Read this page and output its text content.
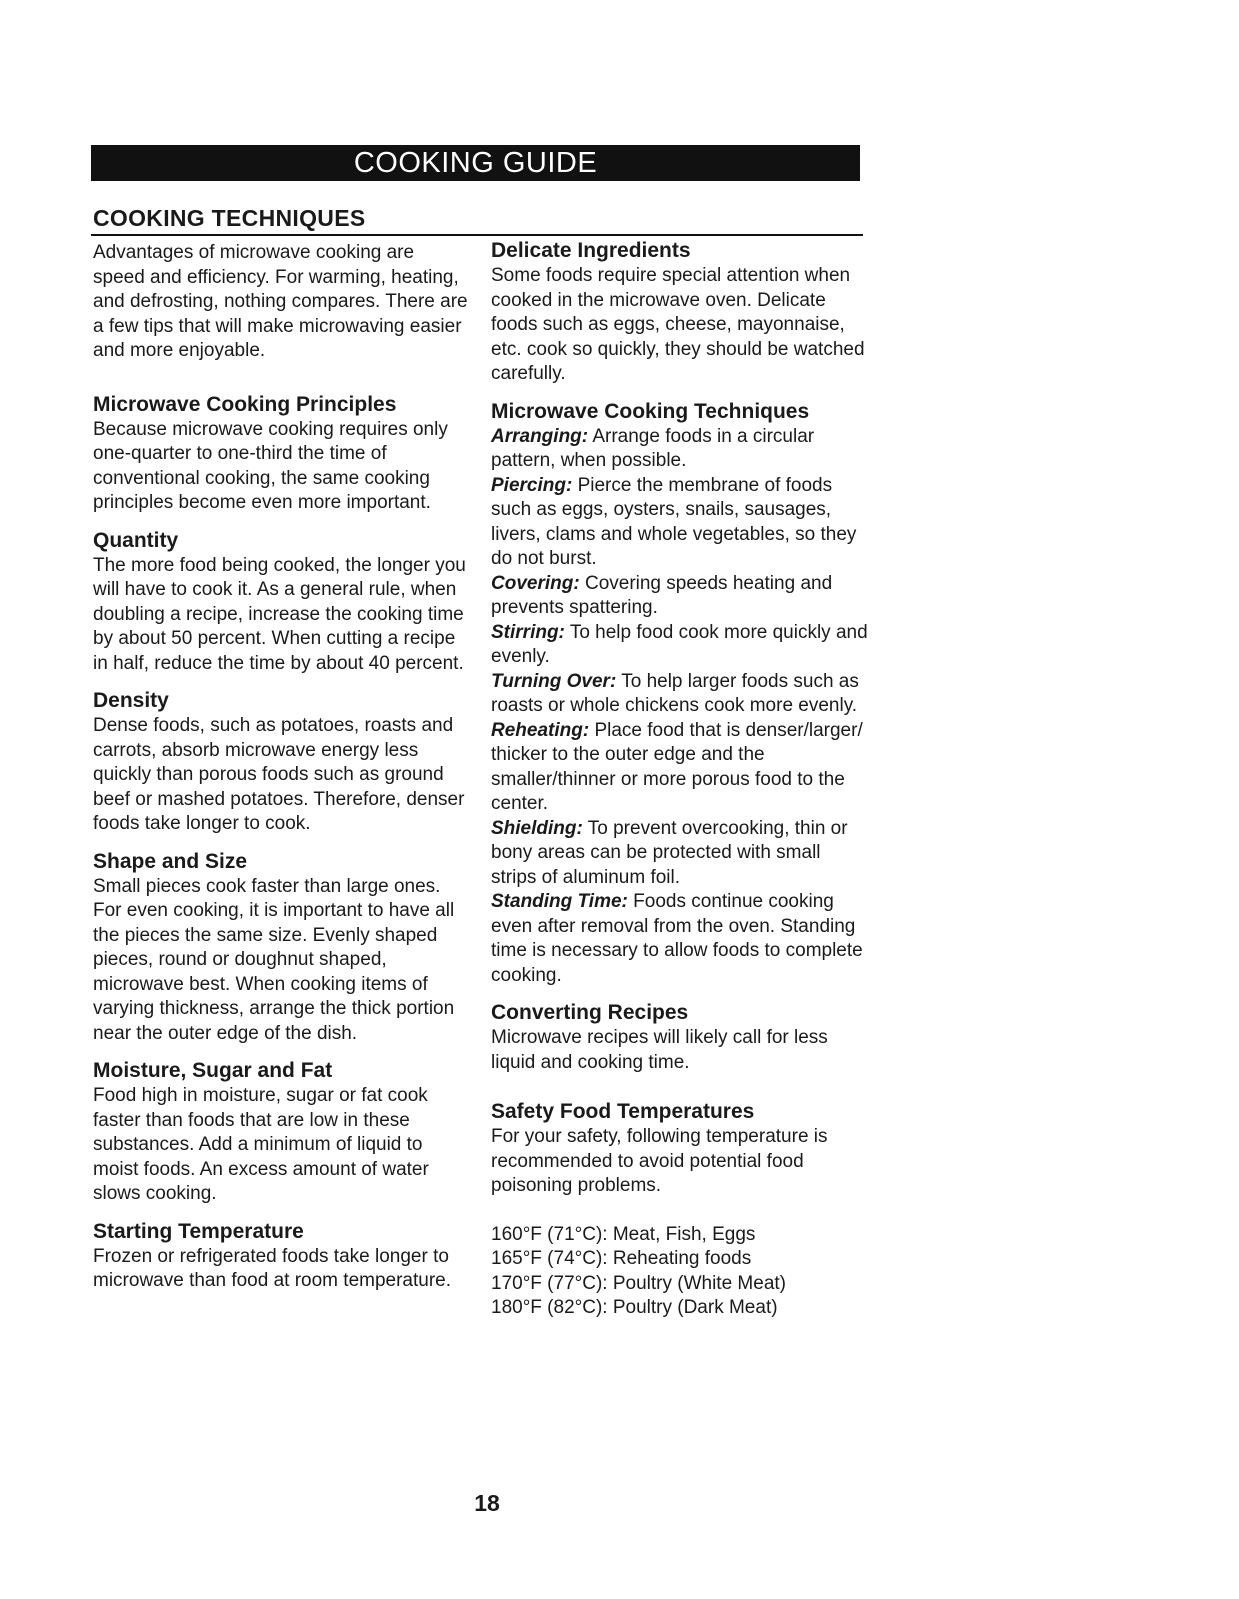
COOKING GUIDE
COOKING TECHNIQUES

Advantages of microwave cooking are speed and efficiency. For warming, heating, and defrosting, nothing compares. There are a few tips that will make microwaving easier and more enjoyable.

Microwave Cooking Principles

Because microwave cooking requires only one-quarter to one-third the time of conventional cooking, the same cooking principles become even more important.

Quantity

The more food being cooked, the longer you will have to cook it. As a general rule, when doubling a recipe, increase the cooking time by about 50 percent. When cutting a recipe in half, reduce the time by about 40 percent.

Density

Dense foods, such as potatoes, roasts and carrots, absorb microwave energy less quickly than porous foods such as ground beef or mashed potatoes. Therefore, denser foods take longer to cook.

Shape and Size

Small pieces cook faster than large ones. For even cooking, it is important to have all the pieces the same size. Evenly shaped pieces, round or doughnut shaped, microwave best. When cooking items of varying thickness, arrange the thick portion near the outer edge of the dish.

Moisture, Sugar and Fat

Food high in moisture, sugar or fat cook faster than foods that are low in these substances. Add a minimum of liquid to moist foods. An excess amount of water slows cooking.

Starting Temperature

Frozen or refrigerated foods take longer to microwave than food at room temperature.

Delicate Ingredients

Some foods require special attention when cooked in the microwave oven. Delicate foods such as eggs, cheese, mayonnaise, etc. cook so quickly, they should be watched carefully.

Microwave Cooking Techniques

Arranging: Arrange foods in a circular pattern, when possible.

Piercing: Pierce the membrane of foods such as eggs, oysters, snails, sausages, livers, clams and whole vegetables, so they do not burst.

Covering: Covering speeds heating and prevents spattering.

Stirring: To help food cook more quickly and evenly.

Turning Over: To help larger foods such as roasts or whole chickens cook more evenly.

Reheating: Place food that is denser/larger/ thicker to the outer edge and the smaller/thinner or more porous food to the center.

Shielding: To prevent overcooking, thin or bony areas can be protected with small strips of aluminum foil.

Standing Time: Foods continue cooking even after removal from the oven. Standing time is necessary to allow foods to complete cooking.

Converting Recipes

Microwave recipes will likely call for less liquid and cooking time.

Safety Food Temperatures

For your safety, following temperature is recommended to avoid potential food poisoning problems.

160°F (71°C): Meat, Fish, Eggs

165°F (74°C): Reheating foods

170°F (77°C): Poultry (White Meat)

180°F (82°C): Poultry (Dark Meat)

18
